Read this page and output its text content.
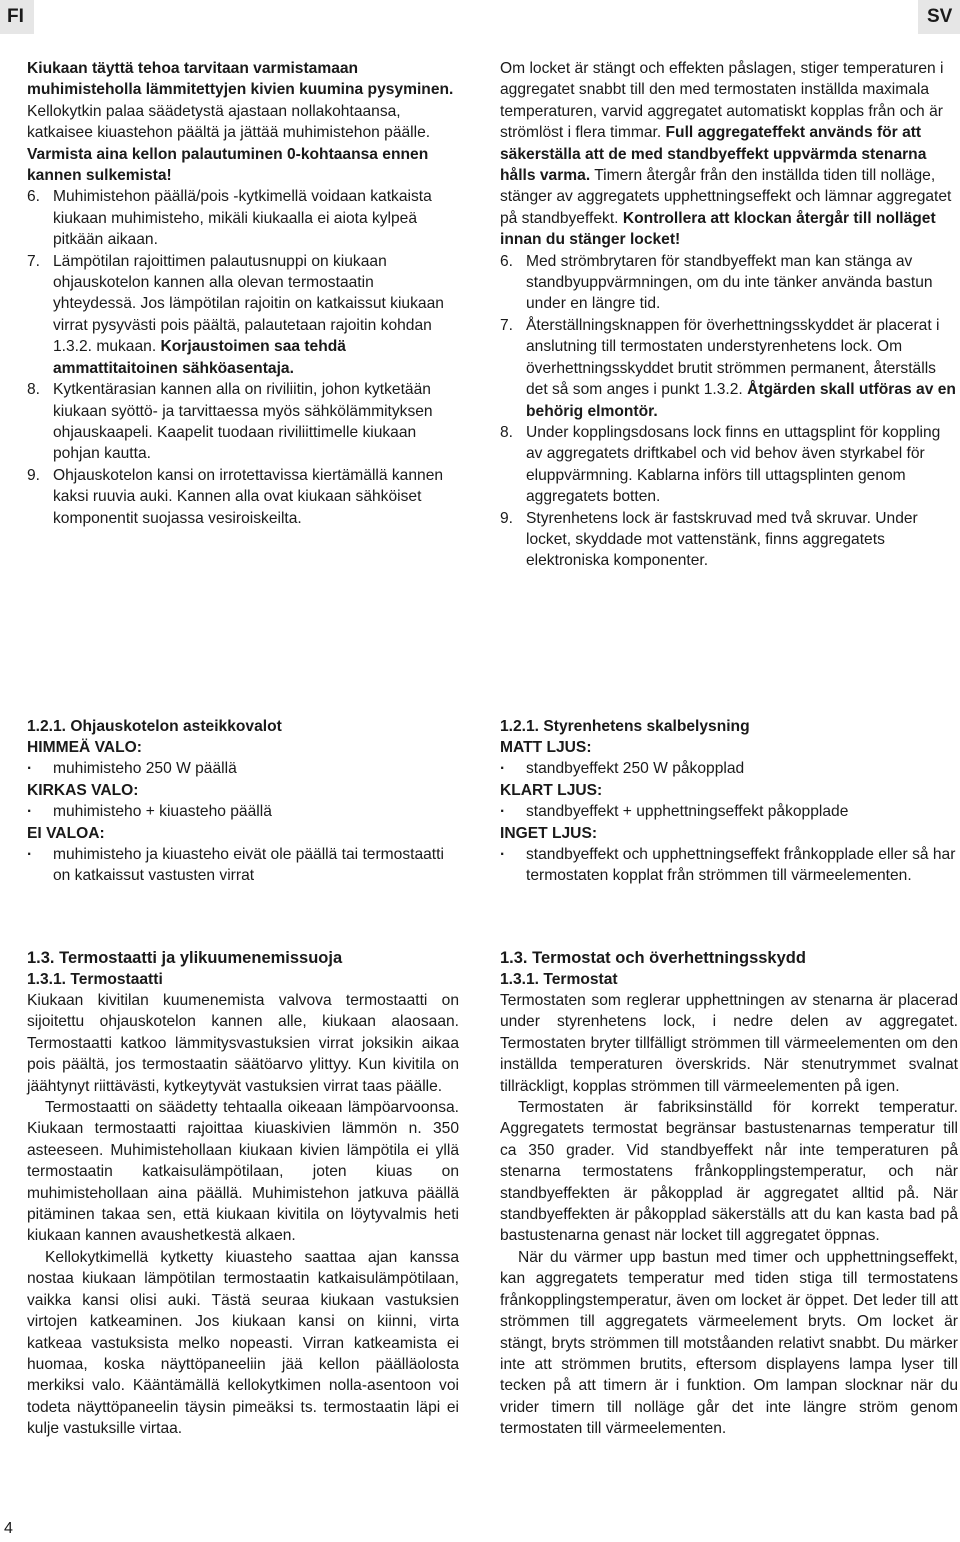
FI	SV

Kiukaan täyttä tehoa tarvitaan varmistamaan muhimisteholla lämmitettyjen kivien kuumina pysyminen. Kellokytkin palaa säädetystä ajastaan nollakohtaansa, katkaisee kiuastehon päältä ja jättää muhimistehon päälle. Varmista aina kellon palautuminen 0-kohtaansa ennen kannen sulkemista!

6. Muhimistehon päällä/pois -kytkimellä voidaan katkaista kiukaan muhimisteho, mikäli kiukaalla ei aiota kylpeä pitkään aikaan.

7. Lämpötilan rajoittimen palautusnuppi on kiukaan ohjauskotelon kannen alla olevan termostaatin yhteydessä. Jos lämpötilan rajoitin on katkaissut kiukaan virrat pysyvästi pois päältä, palautetaan rajoitin kohdan 1.3.2. mukaan. Korjaustoimen saa tehdä ammattitaitoinen sähköasentaja.

8. Kytkentärasian kannen alla on riviliitin, johon kytketään kiukaan syöttö- ja tarvittaessa myös sähkölämmityksen ohjauskaapeli. Kaapelit tuodaan riviliittimelle kiukaan pohjan kautta.

9. Ohjauskotelon kansi on irrotettavissa kiertämällä kannen kaksi ruuvia auki. Kannen alla ovat kiukaan sähköiset komponentit suojassa vesiroiskeilta.

1.2.1. Ohjauskotelon asteikkovalot

HIMMEÄ VALO:

· muhimisteho 250 W päällä

KIRKAS VALO:

· muhimisteho + kiuasteho päällä

EI VALOA:

· muhimisteho ja kiuasteho eivät ole päällä tai termostaatti on katkaissut vastusten virrat

1.3. Termostaatti ja ylikuumenemissuoja
1.3.1. Termostaatti

Kiukaan kivitilan kuumenemista valvova termostaatti on sijoitettu ohjauskotelon kannen alle, kiukaan alaosaan. Termostaatti katkoo lämmitysvastuksien virrat joksikin aikaa pois päältä, jos termostaatin säätöarvo ylittyy. Kun kivitila on jäähtynyt riittävästi, kytkeytyvät vastuksien virrat taas päälle.

Termostaatti on säädetty tehtaalla oikeaan lämpöarvoonsa. Kiukaan termostaatti rajoittaa kiuaskivien lämmön n. 350 asteeseen. Muhimistehollaan kiukaan kivien lämpötila ei yllä termostaatin katkaisulämpötilaan, joten kiuas on muhimistehollaan aina päällä. Muhimistehon jatkuva päällä pitäminen takaa sen, että kiukaan kivitila on löytyvalmis heti kiukaan kannen avaushetkestä alkaen.

Kellokytkimellä kytketty kiuasteho saattaa ajan kanssa nostaa kiukaan lämpötilan termostaatin katkaisulämpötilaan, vaikka kansi olisi auki. Tästä seuraa kiukaan vastuksien virtojen katkeaminen. Jos kiukaan kansi on kiinni, virta katkeaa vastuksista melko nopeasti. Virran katkeamista ei huomaa, koska näyttöpaneeliin jää kellon päälläolosta merkiksi valo. Kääntämällä kellokytkimen nolla-asentoon voi todeta näyttöpaneelin täysin pimeäksi ts. termostaatin läpi ei kulje vastuksille virtaa.

Om locket är stängt och effekten påslagen, stiger temperaturen i aggregatet snabbt till den med termostaten inställda maximala temperaturen, varvid aggregatet automatiskt kopplas från och är strömlöst i flera timmar. Full aggregateffekt används för att säkerställa att de med standbyeffekt uppvärmda stenarna hålls varma. Timern återgår från den inställda tiden till nolläge, stänger av aggregatets upphettningseffekt och lämnar aggregatet på standbyeffekt. Kontrollera att klockan återgår till nolläget innan du stänger locket!

6. Med strömbrytaren för standbyeffekt man kan stänga av standbyuppvärmningen, om du inte tänker använda bastun under en längre tid.

7. Återställningsknappen för överhettningsskyddet är placerat i anslutning till termostaten understyrenhetens lock. Om överhettningsskyddet brutit strömmen permanent, återställs det så som anges i punkt 1.3.2. Åtgärden skall utföras av en behörig elmontör.

8. Under kopplingsdosans lock finns en uttagsplint för koppling av aggregatets driftkabel och vid behov även styrkabel för eluppvärmning. Kablarna införs till uttagsplinten genom aggregatets botten.

9. Styrenhetens lock är fastskruvad med två skruvar. Under locket, skyddade mot vattenstänk, finns aggregatets elektroniska komponenter.

1.2.1. Styrenhetens skalbelysning

MATT LJUS:

· standbyeffekt 250 W påkopplad

KLART LJUS:

· standbyeffekt + upphettningseffekt påkopplade

INGET LJUS:

· standbyeffekt och upphettningseffekt frånkopplade eller så har termostaten kopplat från strömmen till värmeelementen.

1.3. Termostat och överhettningsskydd
1.3.1. Termostat

Termostaten som reglerar upphettningen av stenarna är placerad under styrenhetens lock, i nedre delen av aggregatet. Termostaten bryter tillfälligt strömmen till värmeelementen om den inställda temperaturen överskrids. När stenutrymmet svalnat tillräckligt, kopplas strömmen till värmeelementen på igen.

Termostaten är fabriksinställd för korrekt temperatur. Aggregatets termostat begränsar bastustenarnas temperatur till ca 350 grader. Vid standbyeffekt når inte temperaturen på stenarna termostatens frånkopplingstemperatur, och när standbyeffekten är påkopplad är aggregatet alltid på. När standbyeffekten är påkopplad säkerställs att du kan kasta bad på bastustenarna genast när locket till aggregatet öppnas.

När du värmer upp bastun med timer och upphettningseffekt, kan aggregatets temperatur med tiden stiga till termostatens frånkopplingstemperatur, även om locket är öppet. Det leder till att strömmen till aggregatets värmeelement bryts. Om locket är stängt, bryts strömmen till motståanden relativt snabbt. Du märker inte att strömmen brutits, eftersom displayens lampa lyser till tecken på att timern är i funktion. Om lampan slocknar när du vrider timern till nolläge går det inte längre ström genom termostaten till värmeelementen.

4
